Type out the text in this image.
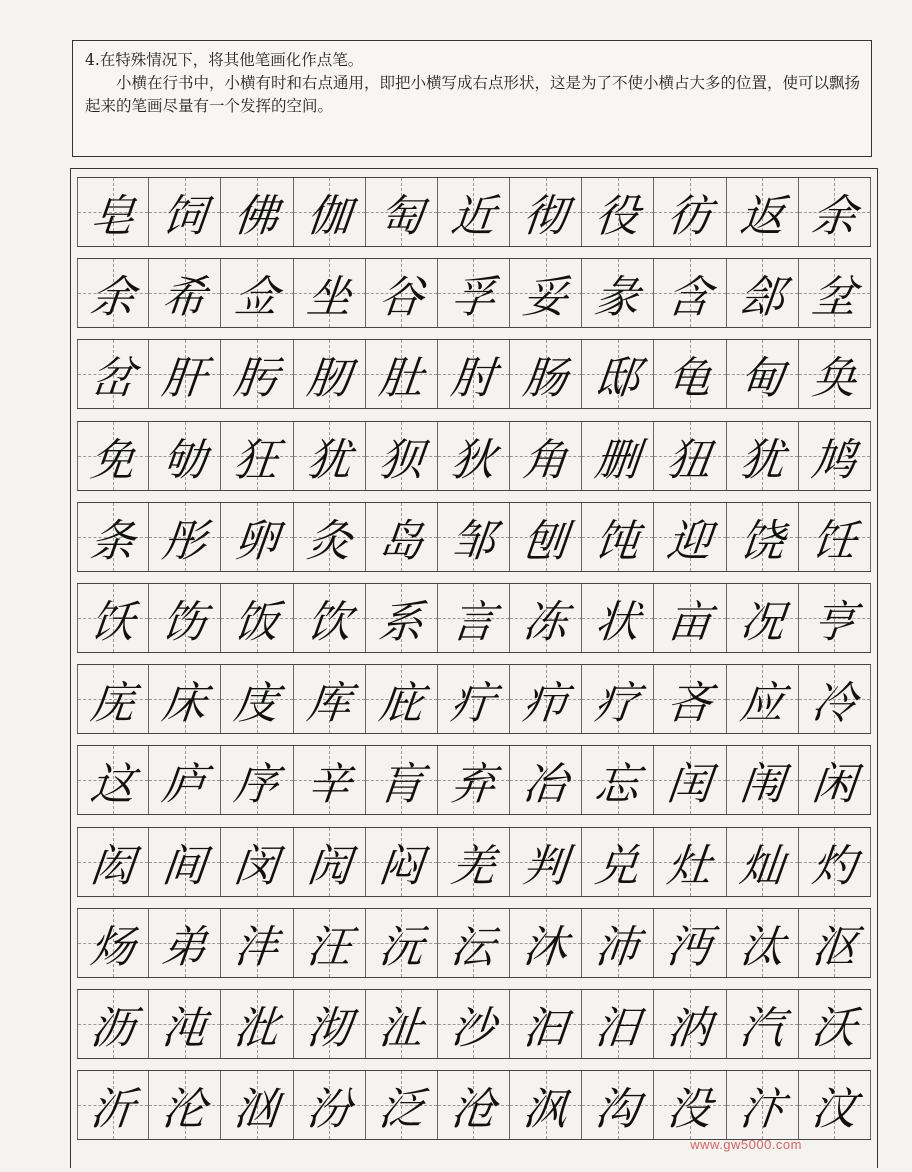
4.在特殊情况下，将其他笔画化作点笔。

小横在行书中，小横有时和右点通用，即把小横写成右点形状，这是为了不使小横占大多的位置，使可以飘扬起来的笔画尽量有一个发挥的空间。

皂 饲 佛 伽 匋 近 彻 役 彷 返 余
余 希 佥 坐 谷 孚 妥 彖 含 郐 坌
岔 肝 肟 肕 肚 肘 肠 邸 龟 甸 奂
免 劬 狂 犹 狈 狄 角 删 狃 犹 鸠
条 彤 卵 灸 岛 邹 刨 饨 迎 饶 饪
饫 饬 饭 饮 系 言 冻 状 亩 况 亨
庑 床 庋 库 庇 疔 疖 疗 吝 应 冷
这 庐 序 辛 肓 弃 冶 忘 闰 闱 闲
闳 间 闵 闶 闷 羌 判 兑 灶 灿 灼
炀 弟 沣 汪 沅 沄 沐 沛 沔 汰 沤
沥 沌 沘 沏 沚 沙 汩 汨 汭 汽 沃
沂 沦 汹 汾 泛 沧 沨 沟 没 汴 汶
www.gw5000.com
